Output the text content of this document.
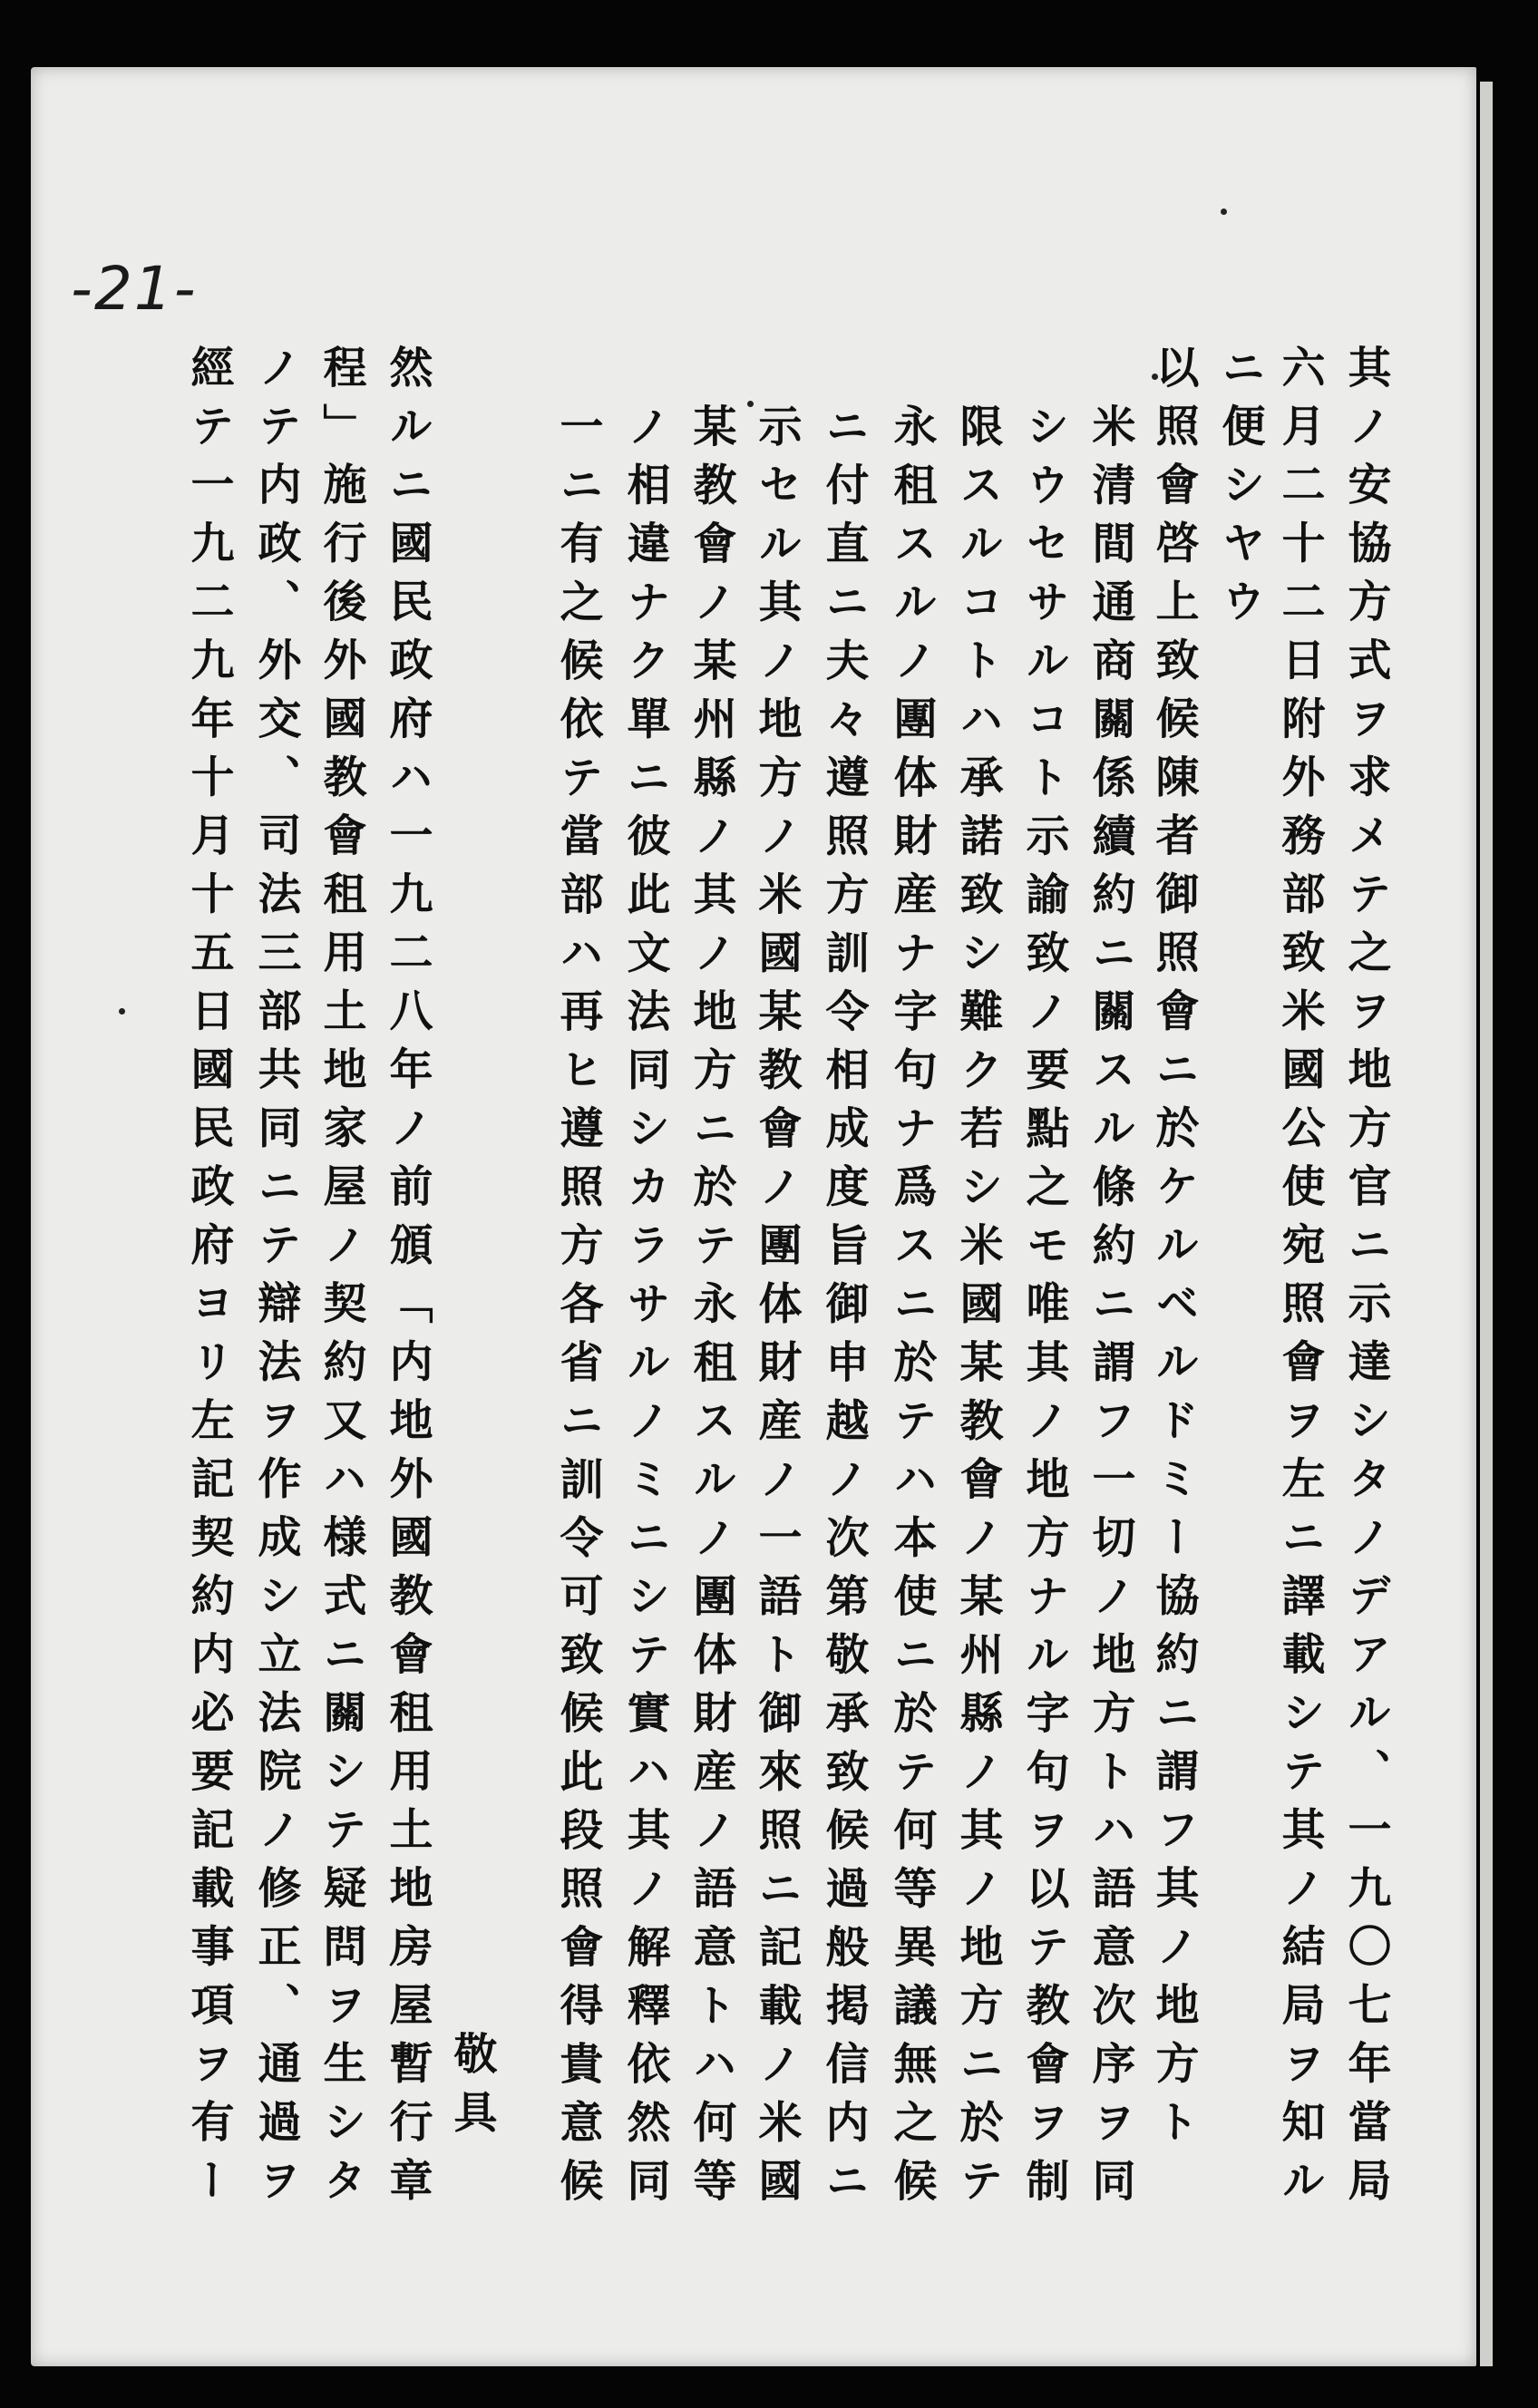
-21-
其ノ安協方式ヲ求メテ之ヲ地方官ニ示達シタノデアル、一九〇七年當局
六月二十二日附外務部致米國公使宛照會ヲ左ニ譯載シテ其ノ結局ヲ知ル
ニ便シヤウ
以照會啓上致候陳者御照會ニ於ケルベルドミー協約ニ謂フ其ノ地方ト
米清間通商關係續約ニ關スル條約ニ謂フ一切ノ地方トハ語意次序ヲ同
シウセサルコト示諭致ノ要點之モ唯其ノ地方ナル字句ヲ以テ教會ヲ制
限スルコトハ承諾致シ難ク若シ米國某教會ノ某州縣ノ其ノ地方ニ於テ
永租スルノ團体財産ナ字句ナ爲スニ於テハ本使ニ於テ何等異議無之候
ニ付直ニ夫々遵照方訓令相成度旨御申越ノ次第敬承致候過般掲信内ニ
示セル其ノ地方ノ米國某教會ノ團体財産ノ一語ト御來照ニ記載ノ米國
某教會ノ某州縣ノ其ノ地方ニ於テ永租スルノ團体財産ノ語意トハ何等
ノ相違ナク單ニ彼此文法同シカラサルノミニシテ實ハ其ノ解釋依然同
一ニ有之候依テ當部ハ再ヒ遵照方各省ニ訓令可致候此段照會得貴意候
敬具
然ルニ國民政府ハ一九二八年ノ前頒「内地外國教會租用土地房屋暫行章
程」施行後外國教會租用土地家屋ノ契約又ハ様式ニ關シテ疑問ヲ生シタ
ノテ内政、外交、司法三部共同ニテ辯法ヲ作成シ立法院ノ修正、通過ヲ
經テ一九二九年十月十五日國民政府ヨリ左記契約内必要記載事項ヲ有ー
